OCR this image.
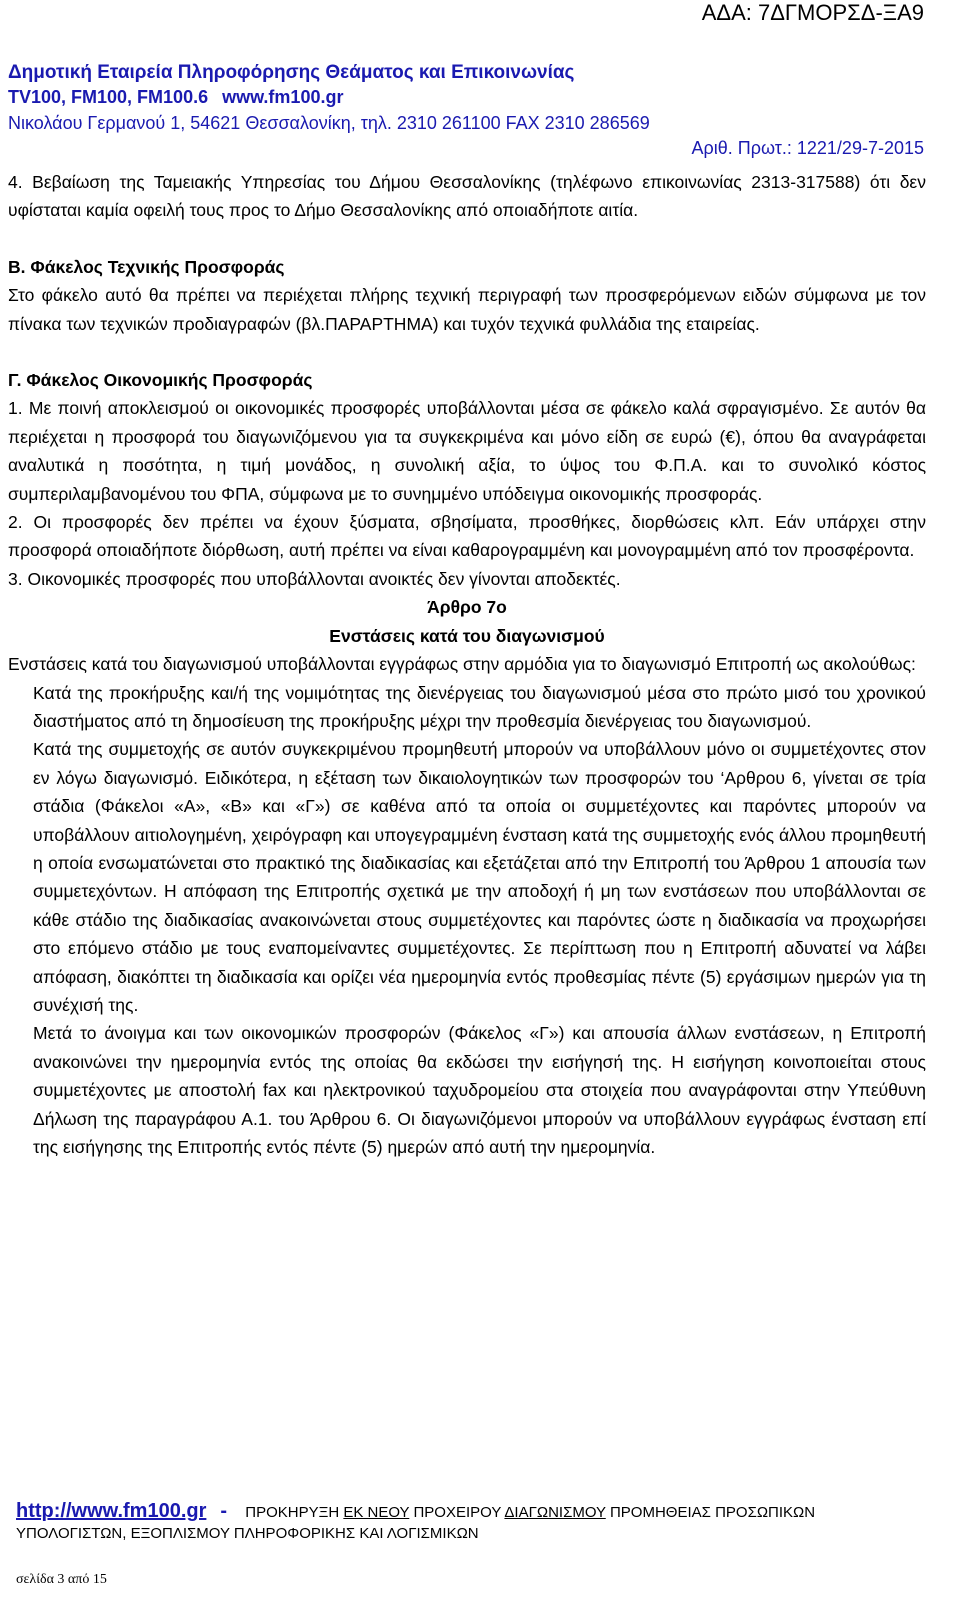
ΑΔΑ: 7ΔΓΜΟΡΣΔ-ΞΑ9
Δημοτική Εταιρεία Πληροφόρησης Θεάματος και Επικοινωνίας
TV100, FM100, FM100.6 www.fm100.gr
Νικολάου Γερμανού 1, 54621 Θεσσαλονίκη, τηλ. 2310 261100 FAX 2310 286569
Αριθ. Πρωτ.: 1221/29-7-2015

4. Βεβαίωση της Ταμειακής Υπηρεσίας του Δήμου Θεσσαλονίκης (τηλέφωνο επικοινωνίας 2313-317588) ότι δεν υφίσταται καμία οφειλή τους προς το Δήμο Θεσσαλονίκης από οποιαδήποτε αιτία.

Β. Φάκελος Τεχνικής Προσφοράς

Στο φάκελο αυτό θα πρέπει να περιέχεται πλήρης τεχνική περιγραφή των προσφερόμενων ειδών σύμφωνα με τον πίνακα των τεχνικών προδιαγραφών (βλ.ΠΑΡΑΡΤΗΜΑ) και τυχόν τεχνικά φυλλάδια της εταιρείας.

Γ. Φάκελος Οικονομικής Προσφοράς

1. Με ποινή αποκλεισμού οι οικονομικές προσφορές υποβάλλονται μέσα σε φάκελο καλά σφραγισμένο. Σε αυτόν θα περιέχεται η προσφορά του διαγωνιζόμενου για τα συγκεκριμένα και μόνο είδη σε ευρώ (€), όπου θα αναγράφεται αναλυτικά η ποσότητα, η τιμή μονάδος, η συνολική αξία, το ύψος του Φ.Π.Α. και το συνολικό κόστος συμπεριλαμβανομένου του ΦΠΑ, σύμφωνα με το συνημμένο υπόδειγμα οικονομικής προσφοράς.

2. Οι προσφορές δεν πρέπει να έχουν ξύσματα, σβησίματα, προσθήκες, διορθώσεις κλπ. Εάν υπάρχει στην προσφορά οποιαδήποτε διόρθωση, αυτή πρέπει να είναι καθαρογραμμένη και μονογραμμένη από τον προσφέροντα.

3. Οικονομικές προσφορές που υποβάλλονται ανοικτές δεν γίνονται αποδεκτές.

Άρθρο 7ο

Ενστάσεις κατά του διαγωνισμού

Ενστάσεις κατά του διαγωνισμού υποβάλλονται εγγράφως στην αρμόδια για το διαγωνισμό Επιτροπή ως ακολούθως:

Κατά της προκήρυξης και/ή της νομιμότητας της διενέργειας του διαγωνισμού μέσα στο πρώτο μισό του χρονικού διαστήματος από τη δημοσίευση της προκήρυξης μέχρι την προθεσμία διενέργειας του διαγωνισμού.

Κατά της συμμετοχής σε αυτόν συγκεκριμένου προμηθευτή μπορούν να υποβάλλουν μόνο οι συμμετέχοντες στον εν λόγω διαγωνισμό. Ειδικότερα, η εξέταση των δικαιολογητικών των προσφορών του ‘Αρθρου 6, γίνεται σε τρία στάδια (Φάκελοι «Α», «Β» και «Γ») σε καθένα από τα οποία οι συμμετέχοντες και παρόντες μπορούν να υποβάλλουν αιτιολογημένη, χειρόγραφη και υπογεγραμμένη ένσταση κατά της συμμετοχής ενός άλλου προμηθευτή η οποία ενσωματώνεται στο πρακτικό της διαδικασίας και εξετάζεται από την Επιτροπή του Άρθρου 1 απουσία των συμμετεχόντων. Η απόφαση της Επιτροπής σχετικά με την αποδοχή ή μη των ενστάσεων που υποβάλλονται σε κάθε στάδιο της διαδικασίας ανακοινώνεται στους συμμετέχοντες και παρόντες ώστε η διαδικασία να προχωρήσει στο επόμενο στάδιο με τους εναπομείναντες συμμετέχοντες. Σε περίπτωση που η Επιτροπή αδυνατεί να λάβει απόφαση, διακόπτει τη διαδικασία και ορίζει νέα ημερομηνία εντός προθεσμίας πέντε (5) εργάσιμων ημερών για τη συνέχισή της.

Μετά το άνοιγμα και των οικονομικών προσφορών (Φάκελος «Γ») και απουσία άλλων ενστάσεων, η Επιτροπή ανακοινώνει την ημερομηνία εντός της οποίας θα εκδώσει την εισήγησή της. Η εισήγηση κοινοποιείται στους συμμετέχοντες με αποστολή fax και ηλεκτρονικού ταχυδρομείου στα στοιχεία που αναγράφονται στην Υπεύθυνη Δήλωση της παραγράφου Α.1. του Άρθρου 6. Οι διαγωνιζόμενοι μπορούν να υποβάλλουν εγγράφως ένσταση επί της εισήγησης της Επιτροπής εντός πέντε (5) ημερών από αυτή την ημερομηνία.

http://www.fm100.gr - ΠΡΟΚΗΡΥΞΗ ΕΚ ΝΕΟΥ ΠΡΟΧΕΙΡΟΥ ΔΙΑΓΩΝΙΣΜΟΥ ΠΡΟΜΗΘΕΙΑΣ ΠΡΟΣΩΠΙΚΩΝ
ΥΠΟΛΟΓΙΣΤΩΝ, ΕΞΟΠΛΙΣΜΟΥ ΠΛΗΡΟΦΟΡΙΚΗΣ ΚΑΙ ΛΟΓΙΣΜΙΚΩΝ
σελίδα 3 από 15
